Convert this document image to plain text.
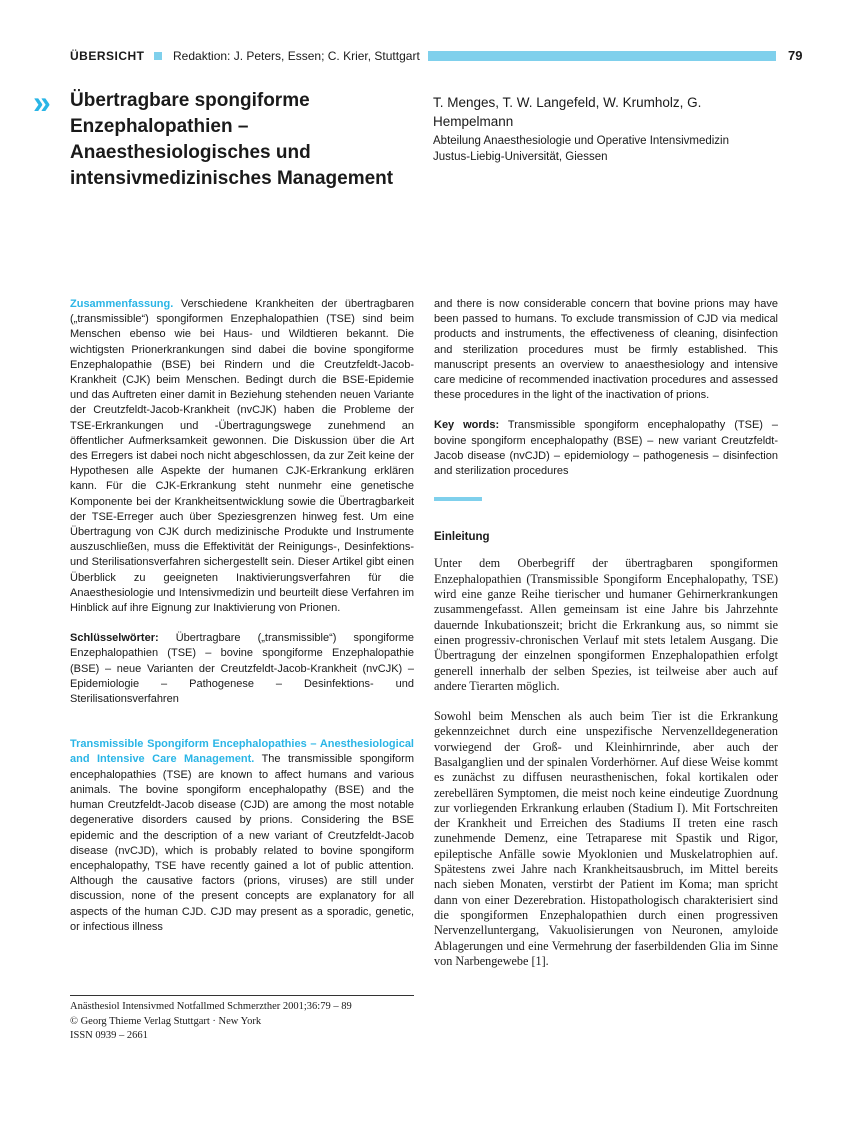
ÜBERSICHT Redaktion: J. Peters, Essen; C. Krier, Stuttgart	79
» Übertragbare spongiforme Enzephalopathien – Anaesthesiologisches und intensivmedizinisches Management
T. Menges, T. W. Langefeld, W. Krumholz, G. Hempelmann
Abteilung Anaesthesiologie und Operative Intensivmedizin
Justus-Liebig-Universität, Giessen

Zusammenfassung. Verschiedene Krankheiten der übertragbaren („transmissible“) spongiformen Enzephalopathien (TSE) sind beim Menschen ebenso wie bei Haus- und Wildtieren bekannt. Die wichtigsten Prionerkrankungen sind dabei die bovine spongiforme Enzephalopathie (BSE) bei Rindern und die Creutzfeldt-Jacob-Krankheit (CJK) beim Menschen. Bedingt durch die BSE-Epidemie und das Auftreten einer damit in Beziehung stehenden neuen Variante der Creutzfeldt-Jacob-Krankheit (nvCJK) haben die Probleme der TSE-Erkrankungen und -Übertragungswege zunehmend an öffentlicher Aufmerksamkeit gewonnen. Die Diskussion über die Art des Erregers ist dabei noch nicht abgeschlossen, da zur Zeit keine der Hypothesen alle Aspekte der humanen CJK-Erkrankung erklären kann. Für die CJK-Erkrankung steht nunmehr eine genetische Komponente bei der Krankheitsentwicklung sowie die Übertragbarkeit der TSE-Erreger auch über Speziesgrenzen hinweg fest. Um eine Übertragung von CJK durch medizinische Produkte und Instrumente auszuschließen, muss die Effektivität der Reinigungs-, Desinfektions- und Sterilisationsverfahren sichergestellt sein. Dieser Artikel gibt einen Überblick zu geeigneten Inaktivierungsverfahren für die Anaesthesiologie und Intensivmedizin und beurteilt diese Verfahren im Hinblick auf ihre Eignung zur Inaktivierung von Prionen.

Schlüsselwörter: Übertragbare („transmissible“) spongiforme Enzephalopathien (TSE) – bovine spongiforme Enzephalopathie (BSE) – neue Varianten der Creutzfeldt-Jacob-Krankheit (nvCJK) – Epidemiologie – Pathogenese – Desinfektions- und Sterilisationsverfahren

Transmissible Spongiform Encephalopathies – Anesthesiological and Intensive Care Management. The transmissible spongiform encephalopathies (TSE) are known to affect humans and various animals. The bovine spongiform encephalopathy (BSE) and the human Creutzfeldt-Jacob disease (CJD) are among the most notable degenerative disorders caused by prions. Considering the BSE epidemic and the description of a new variant of Creutzfeldt-Jacob disease (nvCJD), which is probably related to bovine spongiform encephalopathy, TSE have recently gained a lot of public attention. Although the causative factors (prions, viruses) are still under discussion, none of the present concepts are explanatory for all aspects of the human CJD. CJD may present as a sporadic, genetic, or infectious illness

and there is now considerable concern that bovine prions may have been passed to humans. To exclude transmission of CJD via medical products and instruments, the effectiveness of cleaning, disinfection and sterilization procedures must be firmly established. This manuscript presents an overview to anaesthesiology and intensive care medicine of recommended inactivation procedures and assessed these procedures in the light of the inactivation of prions.

Key words: Transmissible spongiform encephalopathy (TSE) – bovine spongiform encephalopathy (BSE) – new variant Creutzfeldt-Jacob disease (nvCJD) – epidemiology – pathogenesis – disinfection and sterilization procedures

Einleitung

Unter dem Oberbegriff der übertragbaren spongiformen Enzephalopathien (Transmissible Spongiform Encephalopathy, TSE) wird eine ganze Reihe tierischer und humaner Gehirnerkrankungen zusammengefasst. Allen gemeinsam ist eine Jahre bis Jahrzehnte dauernde Inkubationszeit; bricht die Erkrankung aus, so nimmt sie einen progressiv-chronischen Verlauf mit stets letalem Ausgang. Die Übertragung der einzelnen spongiformen Enzephalopathien erfolgt generell innerhalb der selben Spezies, ist teilweise aber auch auf andere Tierarten möglich.

Sowohl beim Menschen als auch beim Tier ist die Erkrankung gekennzeichnet durch eine unspezifische Nervenzelldegeneration vorwiegend der Groß- und Kleinhirnrinde, aber auch der Basalganglien und der spinalen Vorderhörner. Auf diese Weise kommt es zunächst zu diffusen neurasthenischen, fokal kortikalen oder zerebellären Symptomen, die meist noch keine eindeutige Zuordnung zur vorliegenden Erkrankung erlauben (Stadium I). Mit Fortschreiten der Krankheit und Erreichen des Stadiums II treten eine rasch zunehmende Demenz, eine Tetraparese mit Spastik und Rigor, epileptische Anfälle sowie Myoklonien und Muskelatrophien auf. Spätestens zwei Jahre nach Krankheitsausbruch, im Mittel bereits nach sieben Monaten, verstirbt der Patient im Koma; man spricht dann von einer Dezerebration. Histopathologisch charakterisiert sind die spongiformen Enzephalopathien durch einen progressiven Nervenzelluntergang, Vakuolisierungen von Neuronen, amyloide Ablagerungen und eine Vermehrung der faserbildenden Glia im Sinne von Narbengewebe [1].

Anästhesiol Intensivmed Notfallmed Schmerzther 2001;36:79 – 89
© Georg Thieme Verlag Stuttgart · New York
ISSN 0939 – 2661
